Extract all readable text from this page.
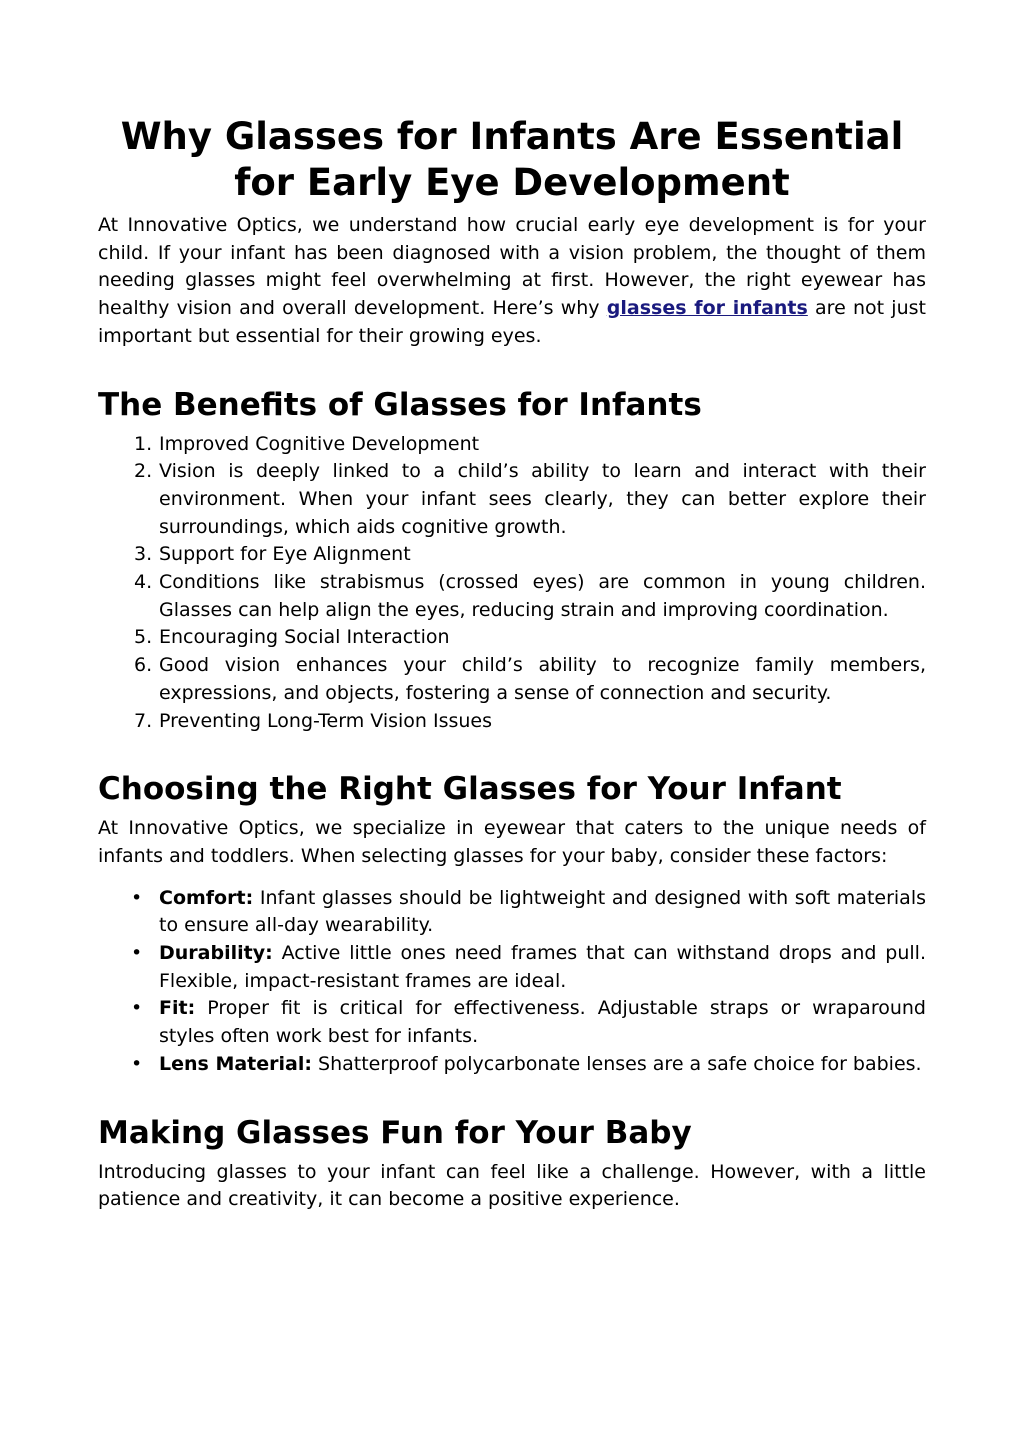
Why Glasses for Infants Are Essential for Early Eye Development

At Innovative Optics, we understand how crucial early eye development is for your child. If your infant has been diagnosed with a vision problem, the thought of them needing glasses might feel overwhelming at first. However, the right eyewear has healthy vision and overall development. Here’s why glasses for infants are not just important but essential for their growing eyes.

The Benefits of Glasses for Infants
1. Improved Cognitive Development
2. Vision is deeply linked to a child’s ability to learn and interact with their environment. When your infant sees clearly, they can better explore their surroundings, which aids cognitive growth.
3. Support for Eye Alignment
4. Conditions like strabismus (crossed eyes) are common in young children. Glasses can help align the eyes, reducing strain and improving coordination.
5. Encouraging Social Interaction
6. Good vision enhances your child’s ability to recognize family members, expressions, and objects, fostering a sense of connection and security.
7. Preventing Long-Term Vision Issues
Choosing the Right Glasses for Your Infant

At Innovative Optics, we specialize in eyewear that caters to the unique needs of infants and toddlers. When selecting glasses for your baby, consider these factors:

• Comfort: Infant glasses should be lightweight and designed with soft materials to ensure all-day wearability.
• Durability: Active little ones need frames that can withstand drops and pull. Flexible, impact-resistant frames are ideal.
• Fit: Proper fit is critical for effectiveness. Adjustable straps or wraparound styles often work best for infants.
• Lens Material: Shatterproof polycarbonate lenses are a safe choice for babies.
Making Glasses Fun for Your Baby

Introducing glasses to your infant can feel like a challenge. However, with a little patience and creativity, it can become a positive experience.
